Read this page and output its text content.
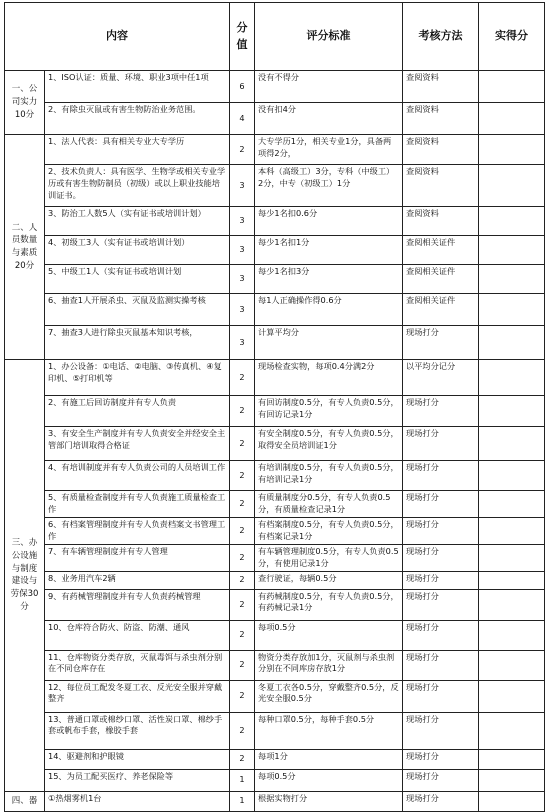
内容		分值	评分标准	考核方法	实得分
一、公司实力10分	1、ISO认证：质量、环境、职业3项中任1项	6	没有不得分	查阅资料	
	2、有除虫灭鼠或有害生物防治业务范围。	4	没有扣4分	查阅资料	
二、人员数量与素质20分	1、法人代表：具有相关专业大专学历	2	大专学历1分，相关专业1分，具备两项得2分，	查阅资料	
	2、技术负责人：具有医学、生物学或相关专业学历或有害生物防制员（初级）或以上职业技能培训证书。	3	本科（高级工）3分，专科（中级工）2分，中专（初级工）1分	查阅资料	
	3、防治工人数5人（实有证书或培训计划）	3	每少1名扣0.6分	查阅资料	
	4、初级工3人（实有证书或培训计划）	3	每少1名扣1分	查阅相关证件	
	5、中级工1人（实有证书或培训计划	3	每少1名扣3分	查阅相关证件	
	6、抽查1人开展杀虫、灭鼠及监测实操考核	3	每1人正确操作得0.6分	查阅相关证件	
	7、抽查3人进行除虫灭鼠基本知识考核，	3	计算平均分	现场打分	
三、办公设施与制度建设与劳保30分	1、办公设备：①电话、②电脑、③传真机、④复印机、⑤打印机等	2	现场检查实物，每项0.4分满2分	以平均分记分	
	2、有施工后回访制度并有专人负责	2	有回访制度0.5分，有专人负责0.5分，有回访记录1分	现场打分	
	3、有安全生产制度并有专人负责安全并经安全主管部门培训取得合格证	2	有安全制度0.5分，有专人负责0.5分，取得安全员培训证1分	现场打分	
	4、有培训制度并有专人负责公司的人员培训工作	2	有培训制度0.5分，有专人负责0.5分，有培训记录1分	现场打分	
	5、有质量检查制度并有专人负责施工质量检查工作	2	有质量制度分0.5分，有专人负责0.5分，有质量检查记录1分	现场打分	
	6、有档案管理制度并有专人负责档案文书管理工作	2	有档案制度0.5分，有专人负责0.5分，有档案记录1分	现场打分	
	7、有车辆管理制度并有专人管理	2	有车辆管理制度0.5分，有专人负责0.5分，有使用记录1分	现场打分	
	8、业务用汽车2辆	2	查行驶证，每辆0.5分	现场打分	
	9、有药械管理制度并有专人负责药械管理	2	有药械制度0.5分，有专人负责0.5分，有药械记录1分	现场打分	
	10、仓库符合防火、防盗、防潮、通风	2	每项0.5分	现场打分	
	11、仓库物资分类存放，灭鼠毒饵与杀虫剂分别在不同仓库存在	2	物资分类存放加1分，灭鼠剂与杀虫剂分别在不同库房存放1分	现场打分	
	12、每位员工配发冬夏工衣、反光安全服并穿戴整齐	2	冬夏工衣各0.5分，穿戴整齐0.5分，反光安全服0.5分	现场打分	
	13、普通口罩或棉纱口罩、活性炭口罩、棉纱手套或帆布手套，橡胶手套	2	每种口罩0.5分，每种手套0.5分	现场打分	
	14、驱避剂和护眼镜	2	每项1分	现场打分	
	15、为员工配买医疗、养老保险等	1	每项0.5分	现场打分	
四、器	①热烟雾机1台	1	根据实物打分	现场打分	
